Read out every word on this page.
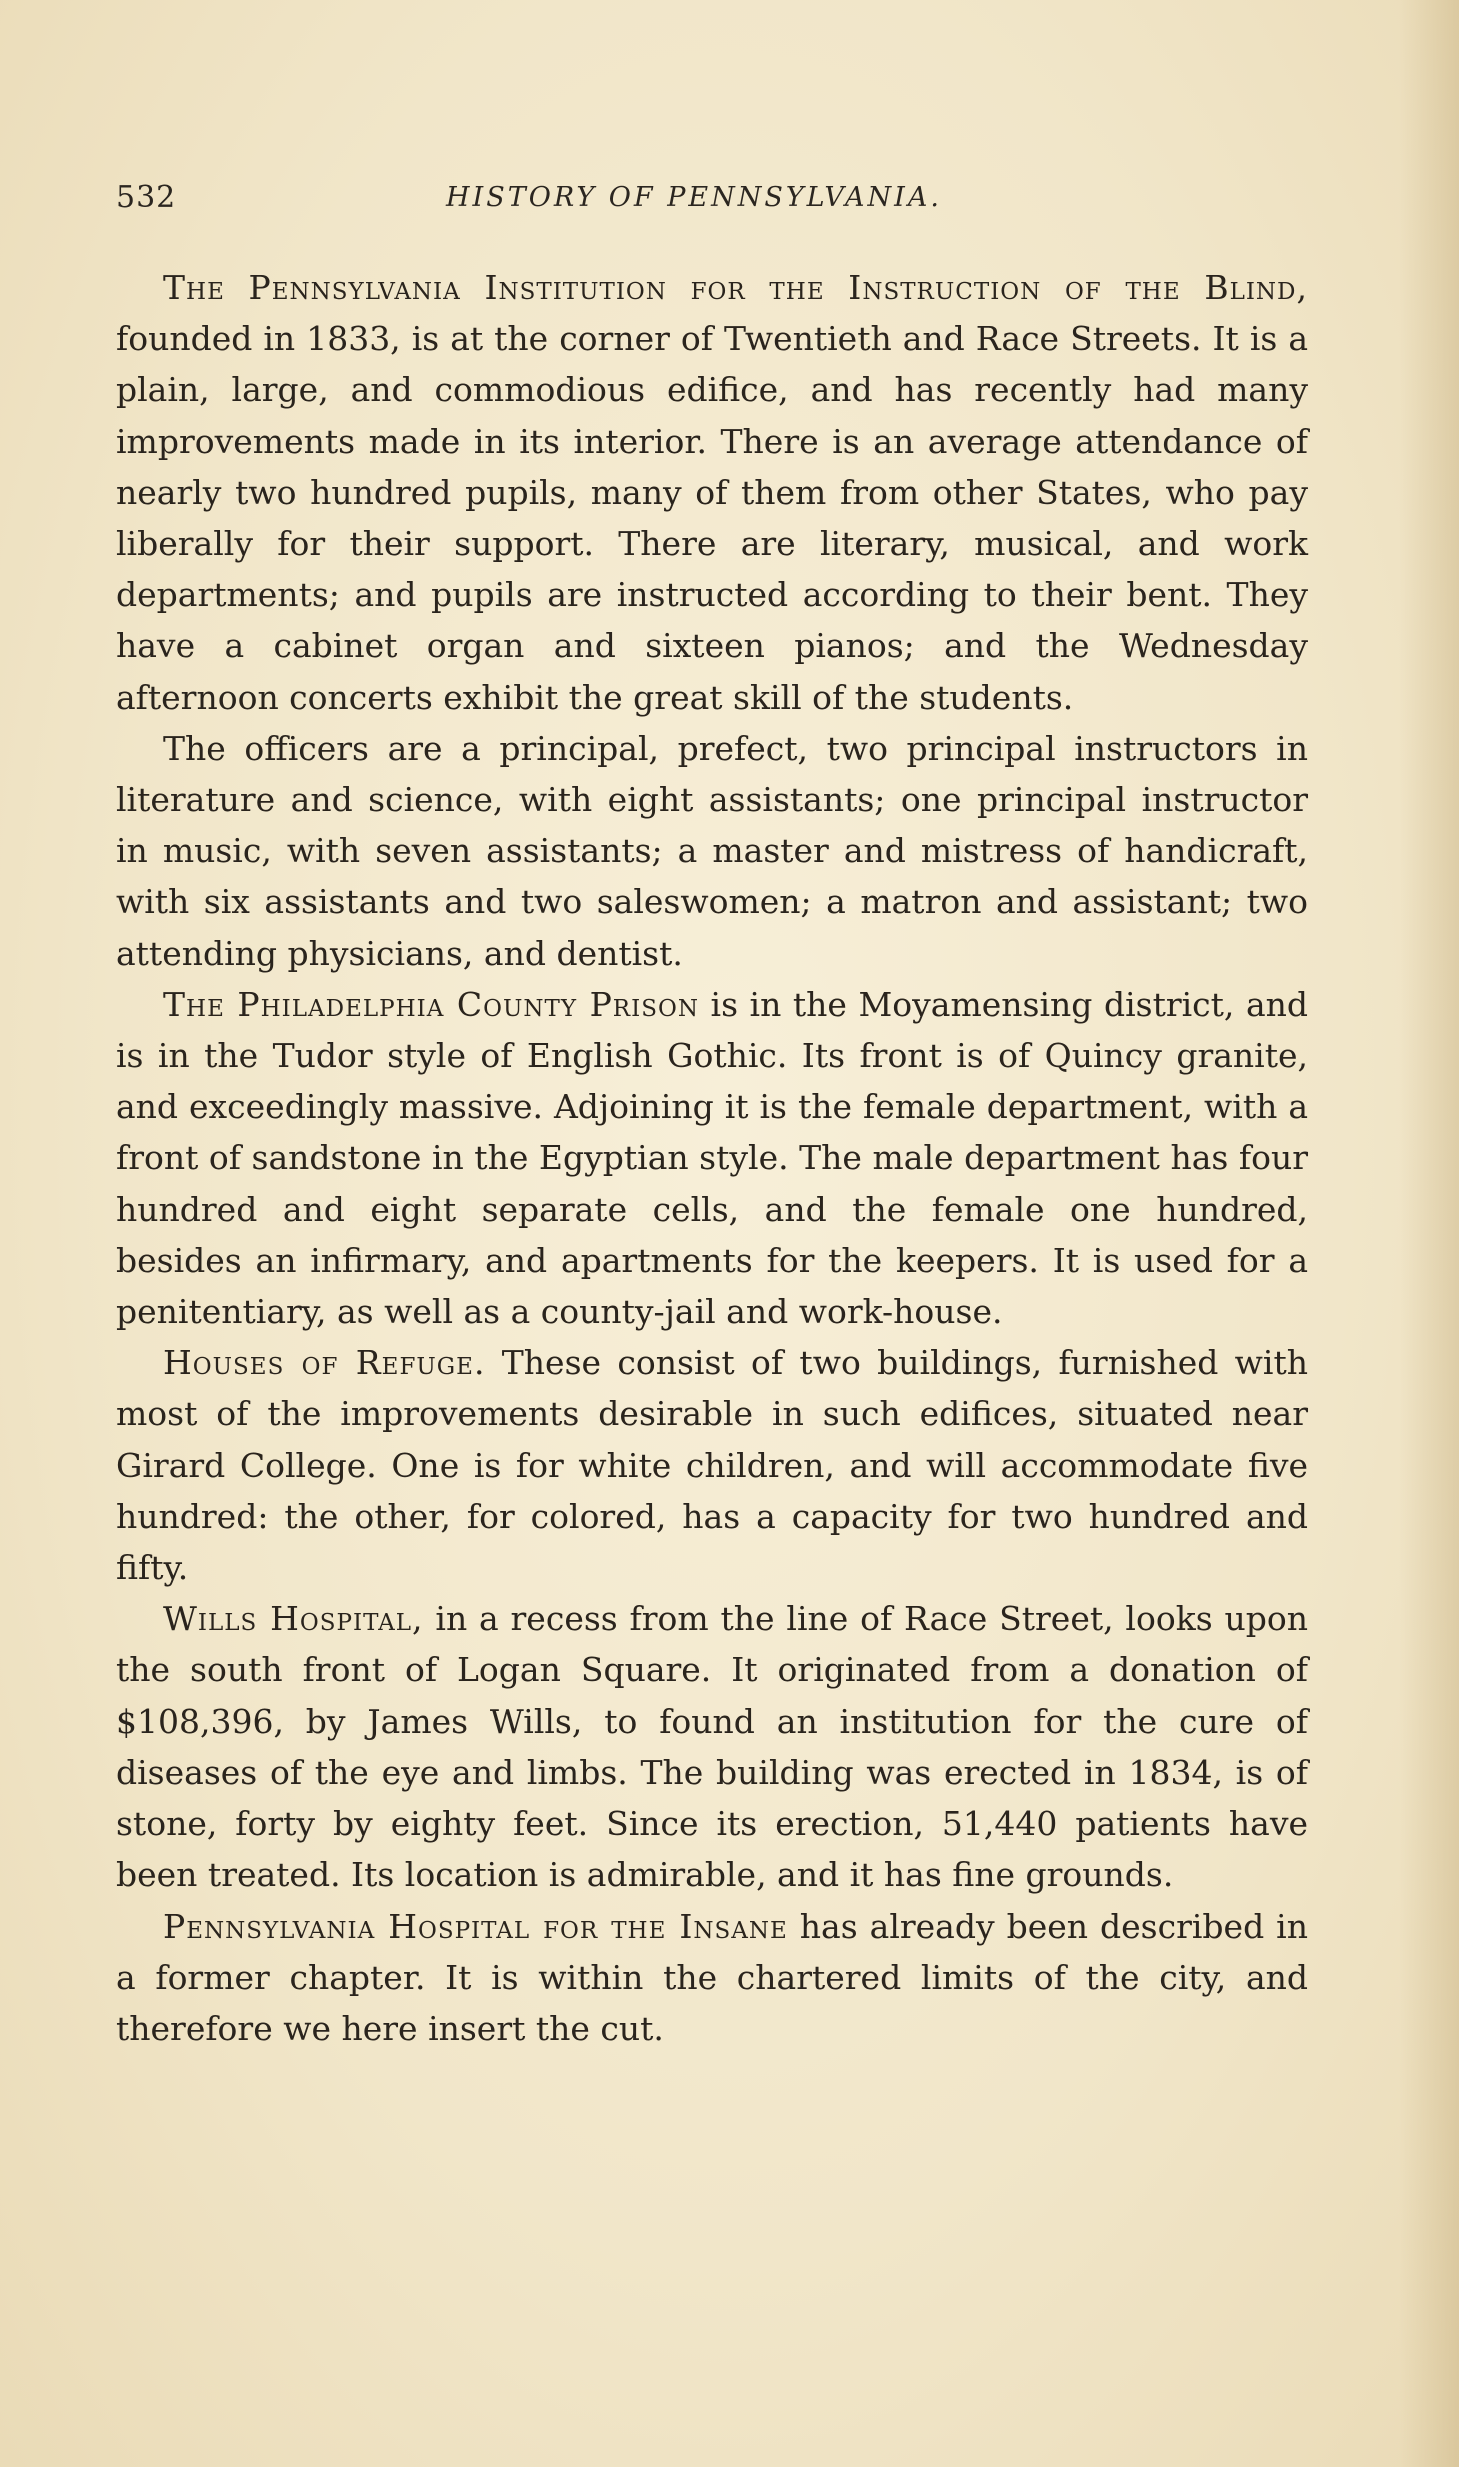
532	HISTORY OF PENNSYLVANIA.

The Pennsylvania Institution for the Instruction of the Blind, founded in 1833, is at the corner of Twentieth and Race Streets. It is a plain, large, and commodious edifice, and has recently had many improvements made in its interior. There is an average attendance of nearly two hundred pupils, many of them from other States, who pay liberally for their support. There are literary, musical, and work departments; and pupils are instructed according to their bent. They have a cabinet organ and sixteen pianos; and the Wednesday afternoon concerts exhibit the great skill of the students.

The officers are a principal, prefect, two principal instructors in literature and science, with eight assistants; one principal instructor in music, with seven assistants; a master and mistress of handicraft, with six assistants and two saleswomen; a matron and assistant; two attending physicians, and dentist.

The Philadelphia County Prison is in the Moyamensing district, and is in the Tudor style of English Gothic. Its front is of Quincy granite, and exceedingly massive. Adjoining it is the female department, with a front of sandstone in the Egyptian style. The male department has four hundred and eight separate cells, and the female one hundred, besides an infirmary, and apartments for the keepers. It is used for a penitentiary, as well as a county-jail and work-house.

Houses of Refuge. These consist of two buildings, furnished with most of the improvements desirable in such edifices, situated near Girard College. One is for white children, and will accommodate five hundred: the other, for colored, has a capacity for two hundred and fifty.

Wills Hospital, in a recess from the line of Race Street, looks upon the south front of Logan Square. It originated from a donation of $108,396, by James Wills, to found an institution for the cure of diseases of the eye and limbs. The building was erected in 1834, is of stone, forty by eighty feet. Since its erection, 51,440 patients have been treated. Its location is admirable, and it has fine grounds.

Pennsylvania Hospital for the Insane has already been described in a former chapter. It is within the chartered limits of the city, and therefore we here insert the cut.
